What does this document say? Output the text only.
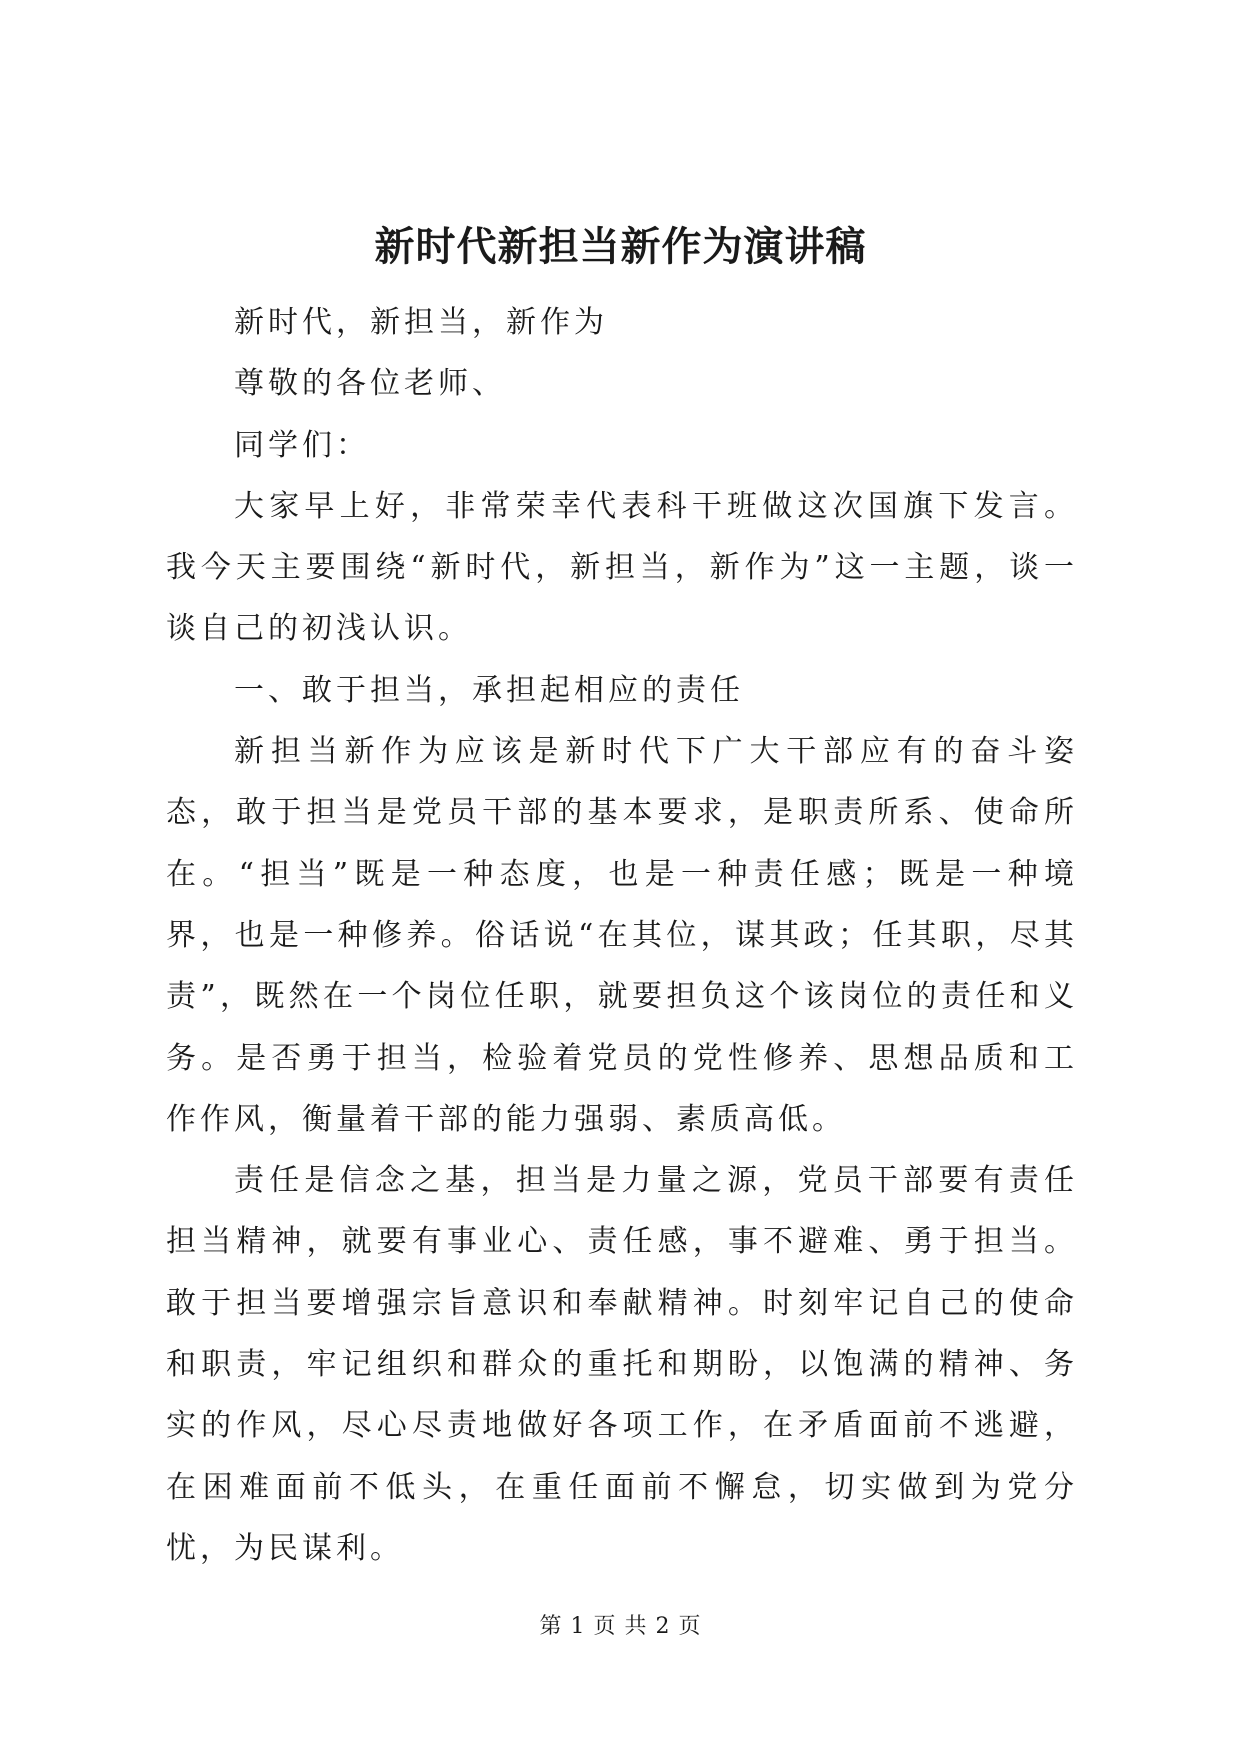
新时代新担当新作为演讲稿

新时代，新担当，新作为

尊敬的各位老师、

同学们：

大家早上好，非常荣幸代表科干班做这次国旗下发言。我今天主要围绕“新时代，新担当，新作为”这一主题，谈一谈自己的初浅认识。

一、敢于担当，承担起相应的责任

新担当新作为应该是新时代下广大干部应有的奋斗姿态，敢于担当是党员干部的基本要求，是职责所系、使命所在。“担当”既是一种态度，也是一种责任感；既是一种境界，也是一种修养。俗话说“在其位，谋其政；任其职，尽其责”，既然在一个岗位任职，就要担负这个该岗位的责任和义务。是否勇于担当，检验着党员的党性修养、思想品质和工作作风，衡量着干部的能力强弱、素质高低。

责任是信念之基，担当是力量之源，党员干部要有责任担当精神，就要有事业心、责任感，事不避难、勇于担当。敢于担当要增强宗旨意识和奉献精神。时刻牢记自己的使命和职责，牢记组织和群众的重托和期盼，以饱满的精神、务实的作风，尽心尽责地做好各项工作，在矛盾面前不逃避，在困难面前不低头，在重任面前不懈怠，切实做到为党分忧，为民谋利。

第 1 页 共 2 页
